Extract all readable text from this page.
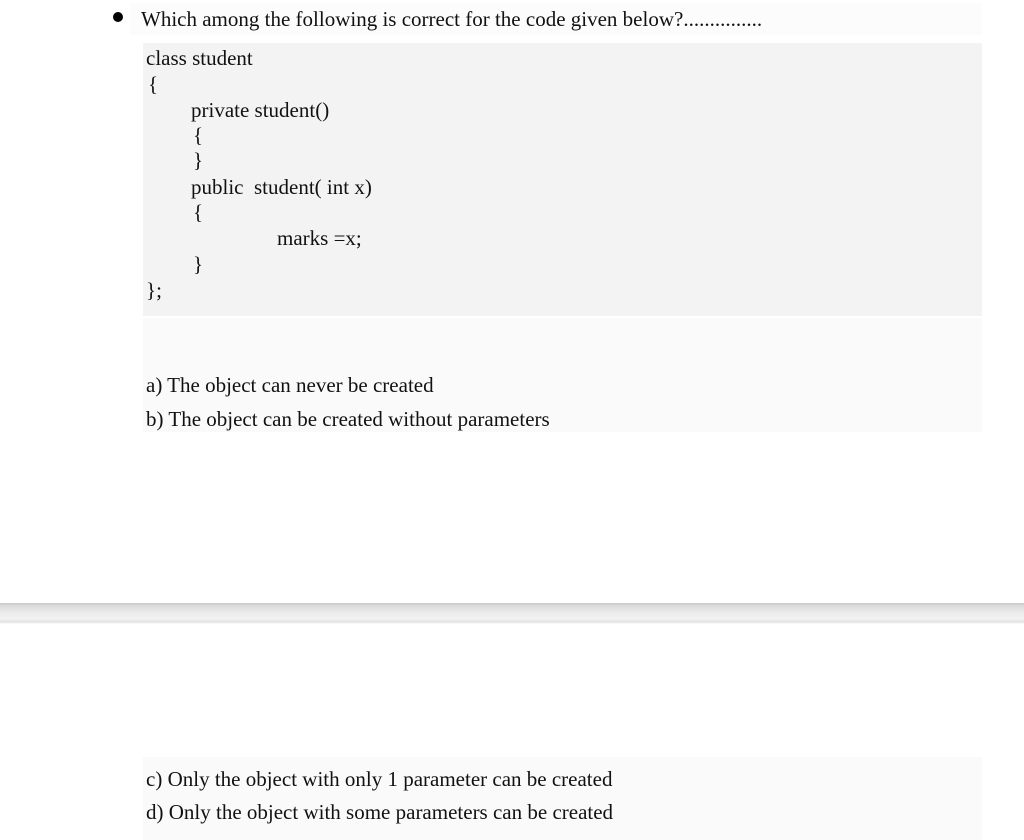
Which among the following is correct for the code given below?...............
class student
{
private student()
{
}
public  student( int x)
{
marks =x;
}
};
a) The object can never be created
b) The object can be created without parameters
c) Only the object with only 1 parameter can be created
d) Only the object with some parameters can be created
